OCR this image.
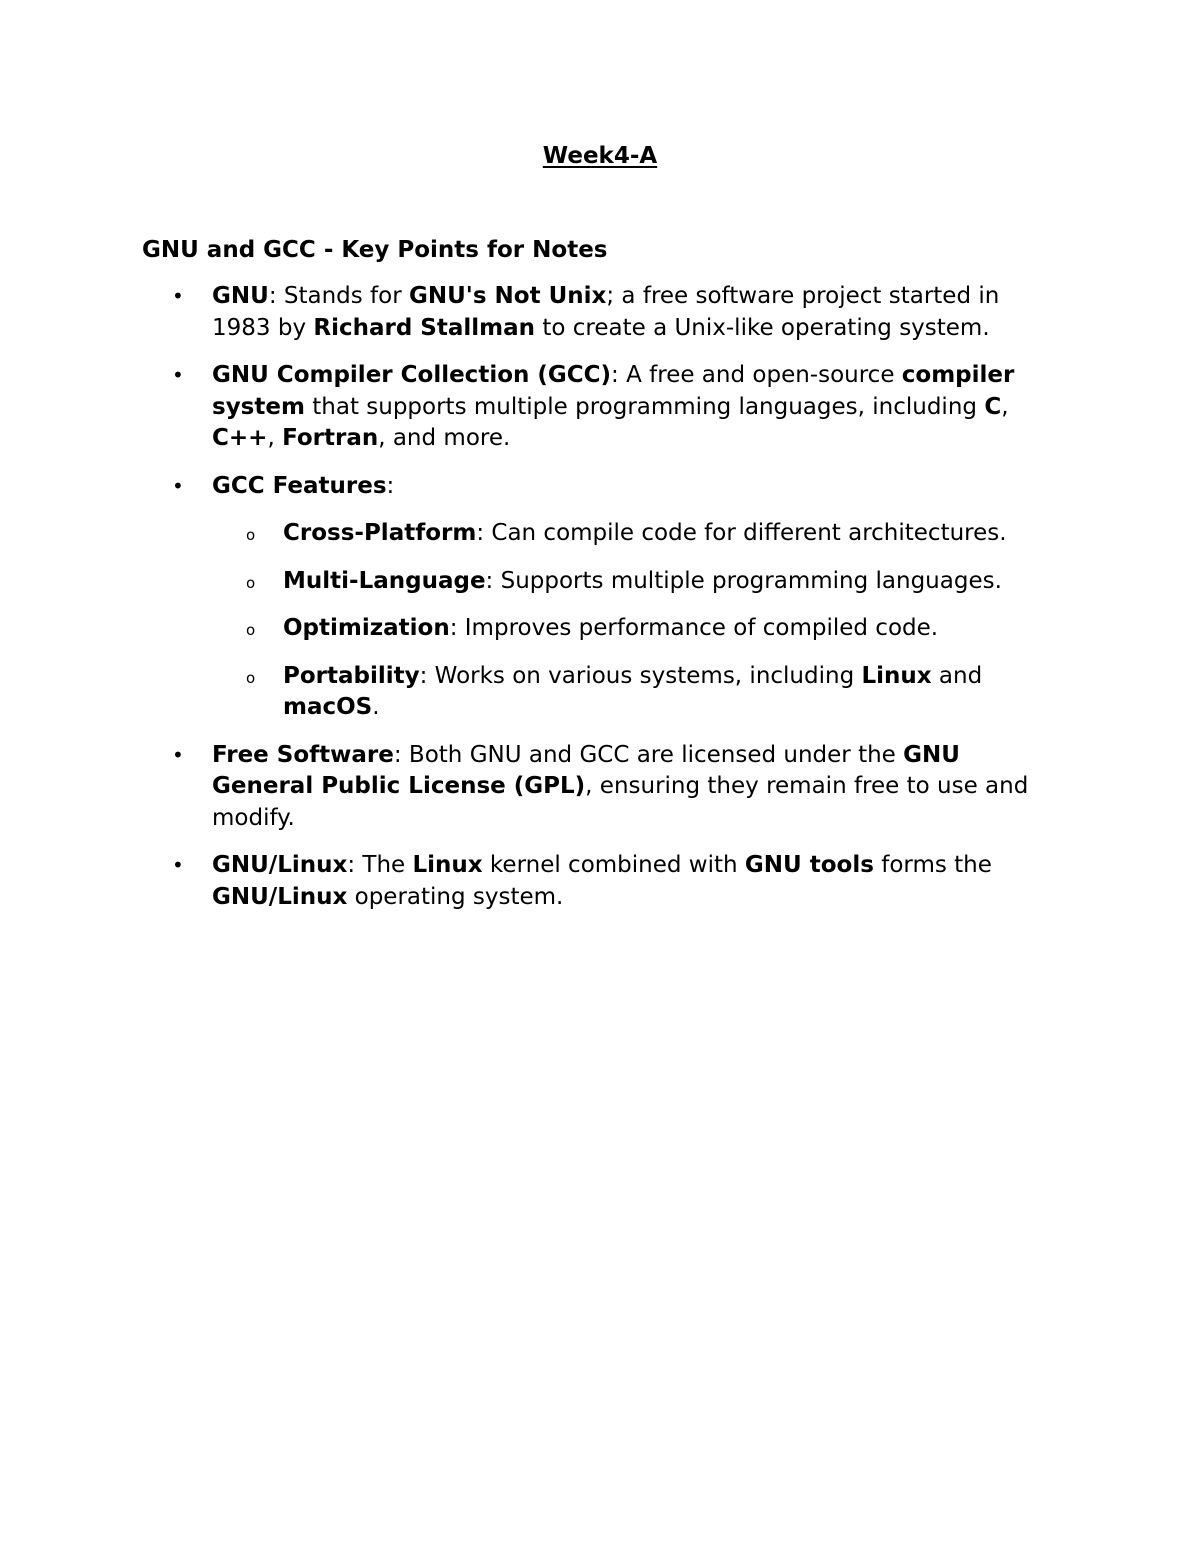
Week4-A

GNU and GCC - Key Points for Notes

• GNU: Stands for GNU's Not Unix; a free software project started in 1983 by Richard Stallman to create a Unix-like operating system.
• GNU Compiler Collection (GCC): A free and open-source compiler system that supports multiple programming languages, including C, C++, Fortran, and more.
• GCC Features:
o Cross-Platform: Can compile code for different architectures.
o Multi-Language: Supports multiple programming languages.
o Optimization: Improves performance of compiled code.
o Portability: Works on various systems, including Linux and macOS.
• Free Software: Both GNU and GCC are licensed under the GNU General Public License (GPL), ensuring they remain free to use and modify.
• GNU/Linux: The Linux kernel combined with GNU tools forms the GNU/Linux operating system.
